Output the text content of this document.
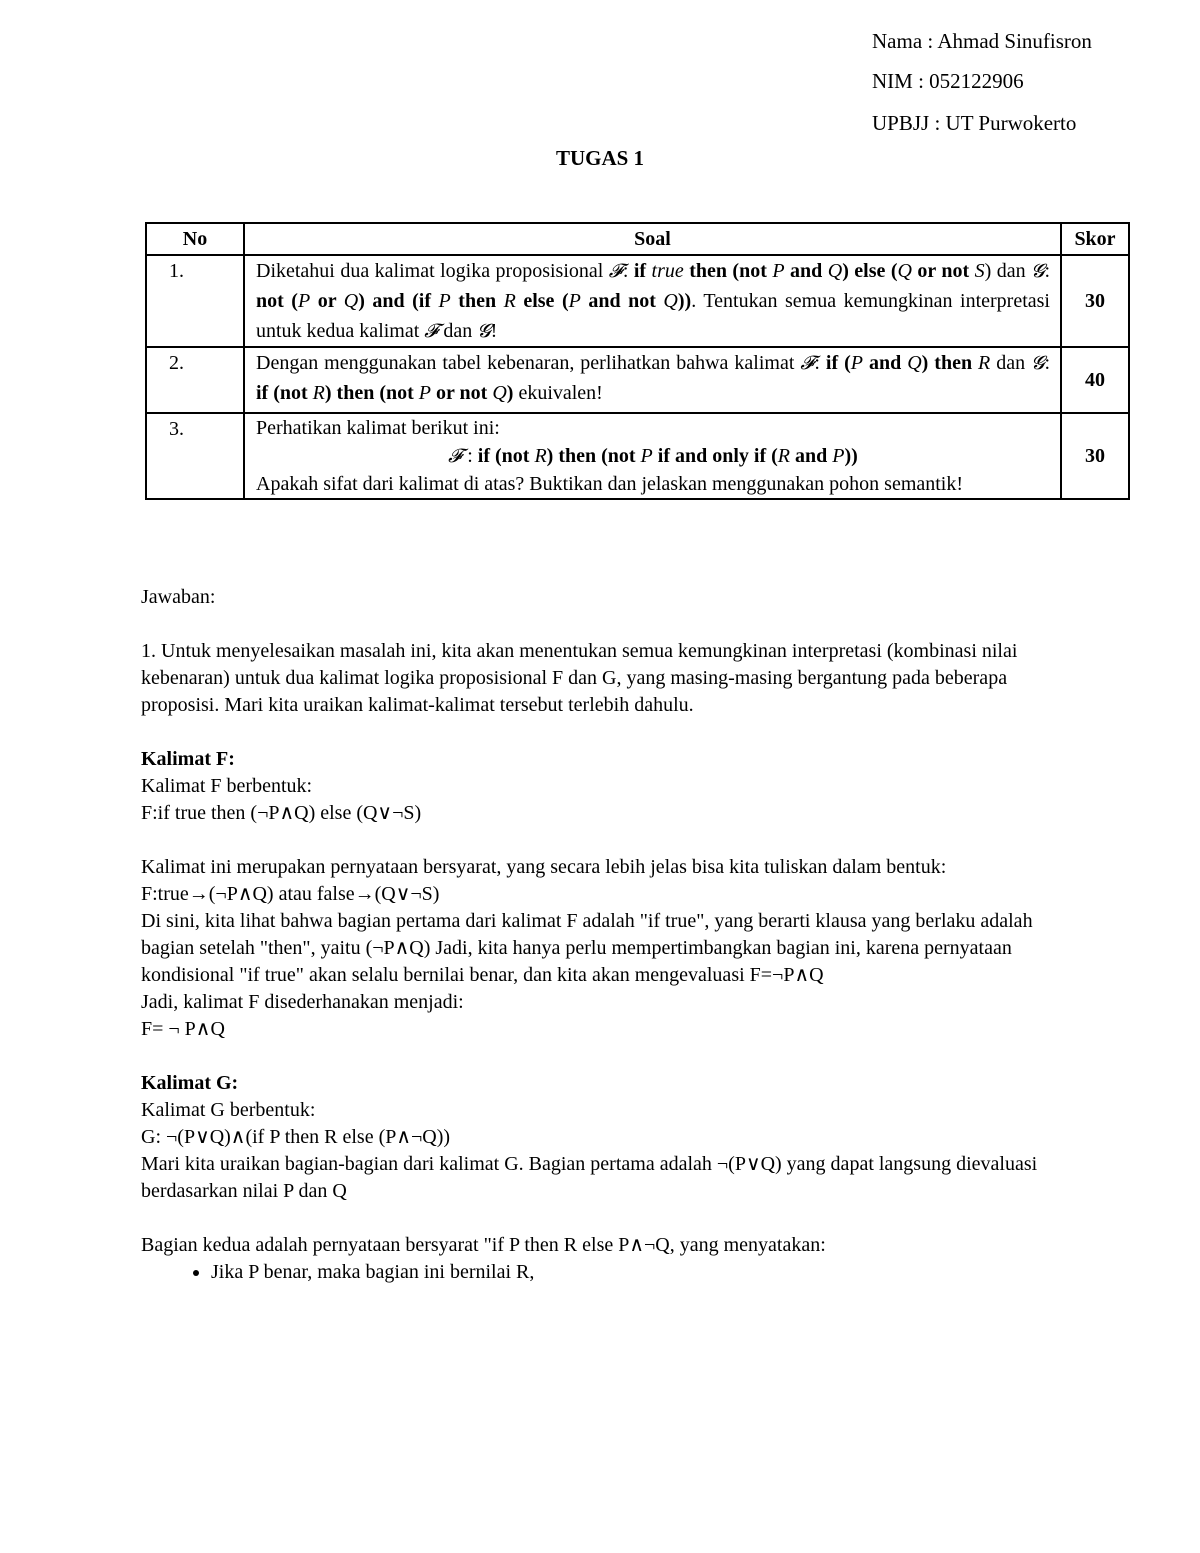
Nama : Ahmad Sinufisron
NIM : 052122906
UPBJJ : UT Purwokerto
TUGAS 1
No	Soal	Skor
1.	Diketahui dua kalimat logika proposisional 𝓕: if true then (not P and Q) else (Q or not S) dan 𝓖: not (P or Q) and (if P then R else (P and not Q)). Tentukan semua kemungkinan interpretasi untuk kedua kalimat 𝓕 dan 𝓖!	30
2.	Dengan menggunakan tabel kebenaran, perlihatkan bahwa kalimat 𝓕: if (P and Q) then R dan 𝓖: if (not R) then (not P or not Q) ekuivalen!	40
3.	Perhatikan kalimat berikut ini:
𝓕 : if (not R) then (not P if and only if (R and P))
Apakah sifat dari kalimat di atas? Buktikan dan jelaskan menggunakan pohon semantik!	30

Jawaban:

1. Untuk menyelesaikan masalah ini, kita akan menentukan semua kemungkinan interpretasi (kombinasi nilai kebenaran) untuk dua kalimat logika proposisional F dan G, yang masing-masing bergantung pada beberapa proposisi. Mari kita uraikan kalimat-kalimat tersebut terlebih dahulu.

Kalimat F:

Kalimat F berbentuk:

F:if true then (¬P∧Q) else (Q∨¬S)

Kalimat ini merupakan pernyataan bersyarat, yang secara lebih jelas bisa kita tuliskan dalam bentuk:

F:true→(¬P∧Q) atau false→(Q∨¬S)

Di sini, kita lihat bahwa bagian pertama dari kalimat F adalah "if true", yang berarti klausa yang berlaku adalah bagian setelah "then", yaitu (¬P∧Q) Jadi, kita hanya perlu mempertimbangkan bagian ini, karena pernyataan kondisional "if true" akan selalu bernilai benar, dan kita akan mengevaluasi F=¬P∧Q

Jadi, kalimat F disederhanakan menjadi:

F= ¬ P∧Q

Kalimat G:

Kalimat G berbentuk:

G: ¬(P∨Q)∧(if P then R else (P∧¬Q))

Mari kita uraikan bagian-bagian dari kalimat G. Bagian pertama adalah ¬(P∨Q) yang dapat langsung dievaluasi berdasarkan nilai P dan Q

Bagian kedua adalah pernyataan bersyarat "if P then R else P∧¬Q, yang menyatakan:

• Jika P benar, maka bagian ini bernilai R,
